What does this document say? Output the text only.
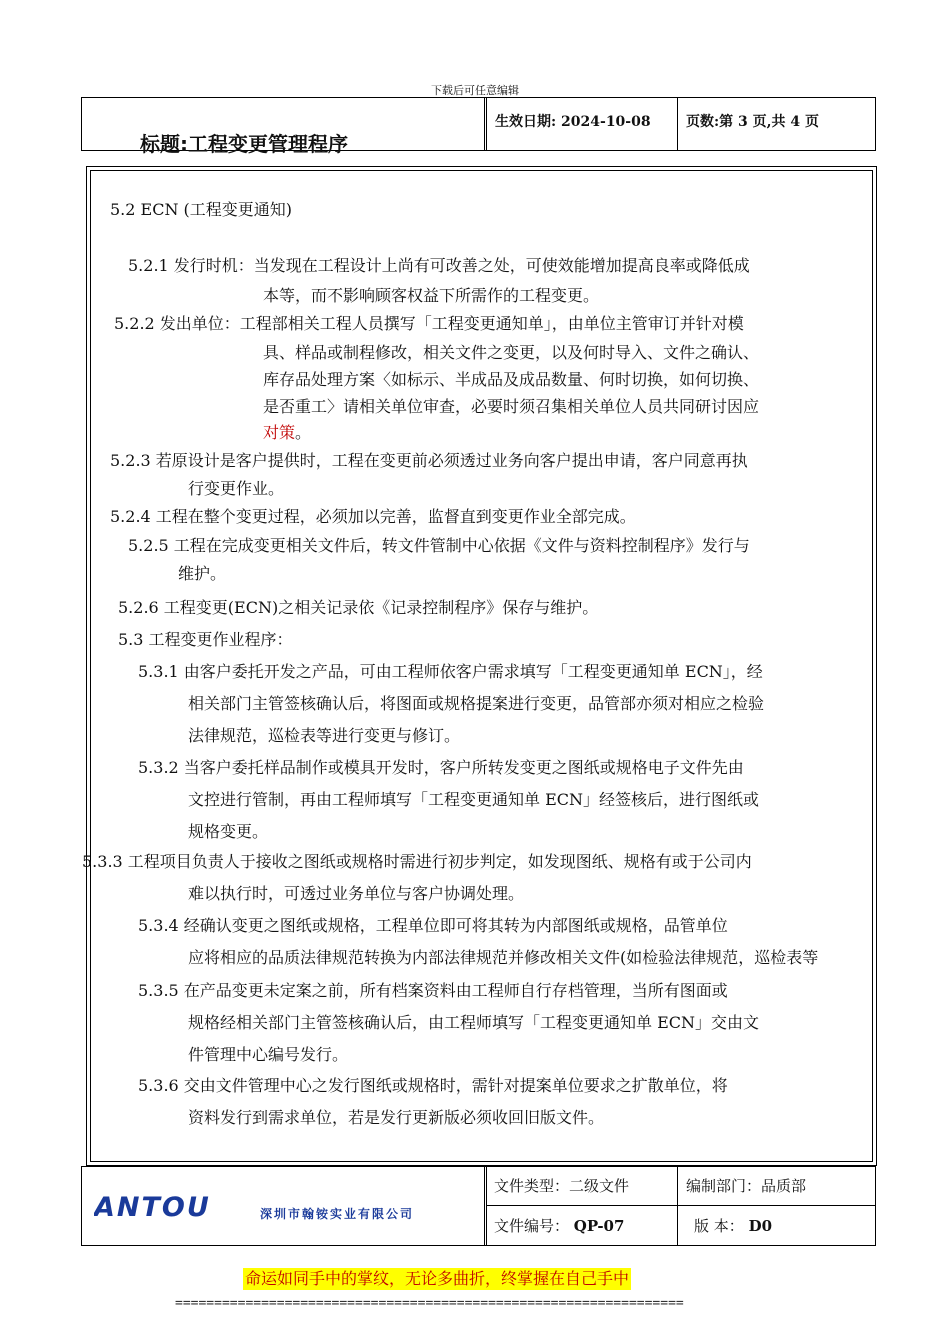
下载后可任意编辑
标题:工程变更管理程序
生效日期: 2024-10-08	页数:第 3 页,共 4 页
5.2 ECN (工程变更通知)
5.2.1 发行时机：当发现在工程设计上尚有可改善之处，可使效能增加提高良率或降低成
本等，而不影响顾客权益下所需作的工程变更。
5.2.2 发出单位：工程部相关工程人员撰写「工程变更通知单」，由单位主管审订并针对模
具、样品或制程修改，相关文件之变更，以及何时导入、文件之确认、
库存品处理方案〈如标示、半成品及成品数量、何时切换，如何切换、
是否重工〉请相关单位审查，必要时须召集相关单位人员共同研讨因应
对策。
5.2.3 若原设计是客户提供时，工程在变更前必须透过业务向客户提出申请，客户同意再执
行变更作业。
5.2.4 工程在整个变更过程，必须加以完善，监督直到变更作业全部完成。
5.2.5 工程在完成变更相关文件后，转文件管制中心依据《文件与资料控制程序》发行与
维护。
5.2.6 工程变更(ECN)之相关记录依《记录控制程序》保存与维护。
5.3 工程变更作业程序：
5.3.1 由客户委托开发之产品，可由工程师依客户需求填写「工程变更通知单 ECN」，经
相关部门主管签核确认后，将图面或规格提案进行变更，品管部亦须对相应之检验
法律规范，巡检表等进行变更与修订。
5.3.2 当客户委托样品制作或模具开发时，客户所转发变更之图纸或规格电子文件先由
文控进行管制，再由工程师填写「工程变更通知单 ECN」经签核后，进行图纸或
规格变更。
5.3.3 工程项目负责人于接收之图纸或规格时需进行初步判定，如发现图纸、规格有或于公司内
难以执行时，可透过业务单位与客户协调处理。
5.3.4 经确认变更之图纸或规格，工程单位即可将其转为内部图纸或规格，品管单位
应将相应的品质法律规范转换为内部法律规范并修改相关文件(如检验法律规范，巡检表等
5.3.5 在产品变更未定案之前，所有档案资料由工程师自行存档管理，当所有图面或
规格经相关部门主管签核确认后，由工程师填写「工程变更通知单 ECN」交由文
件管理中心编号发行。
5.3.6 交由文件管理中心之发行图纸或规格时，需针对提案单位要求之扩散单位，将
资料发行到需求单位，若是发行更新版必须收回旧版文件。
ANTOU	深圳市翰铵实业有限公司
文件类型：二级文件	编制部门：品质部
文件编号： QP-07	版 本： D0
命运如同手中的掌纹，无论多曲折，终掌握在自己手中
=================================================================
